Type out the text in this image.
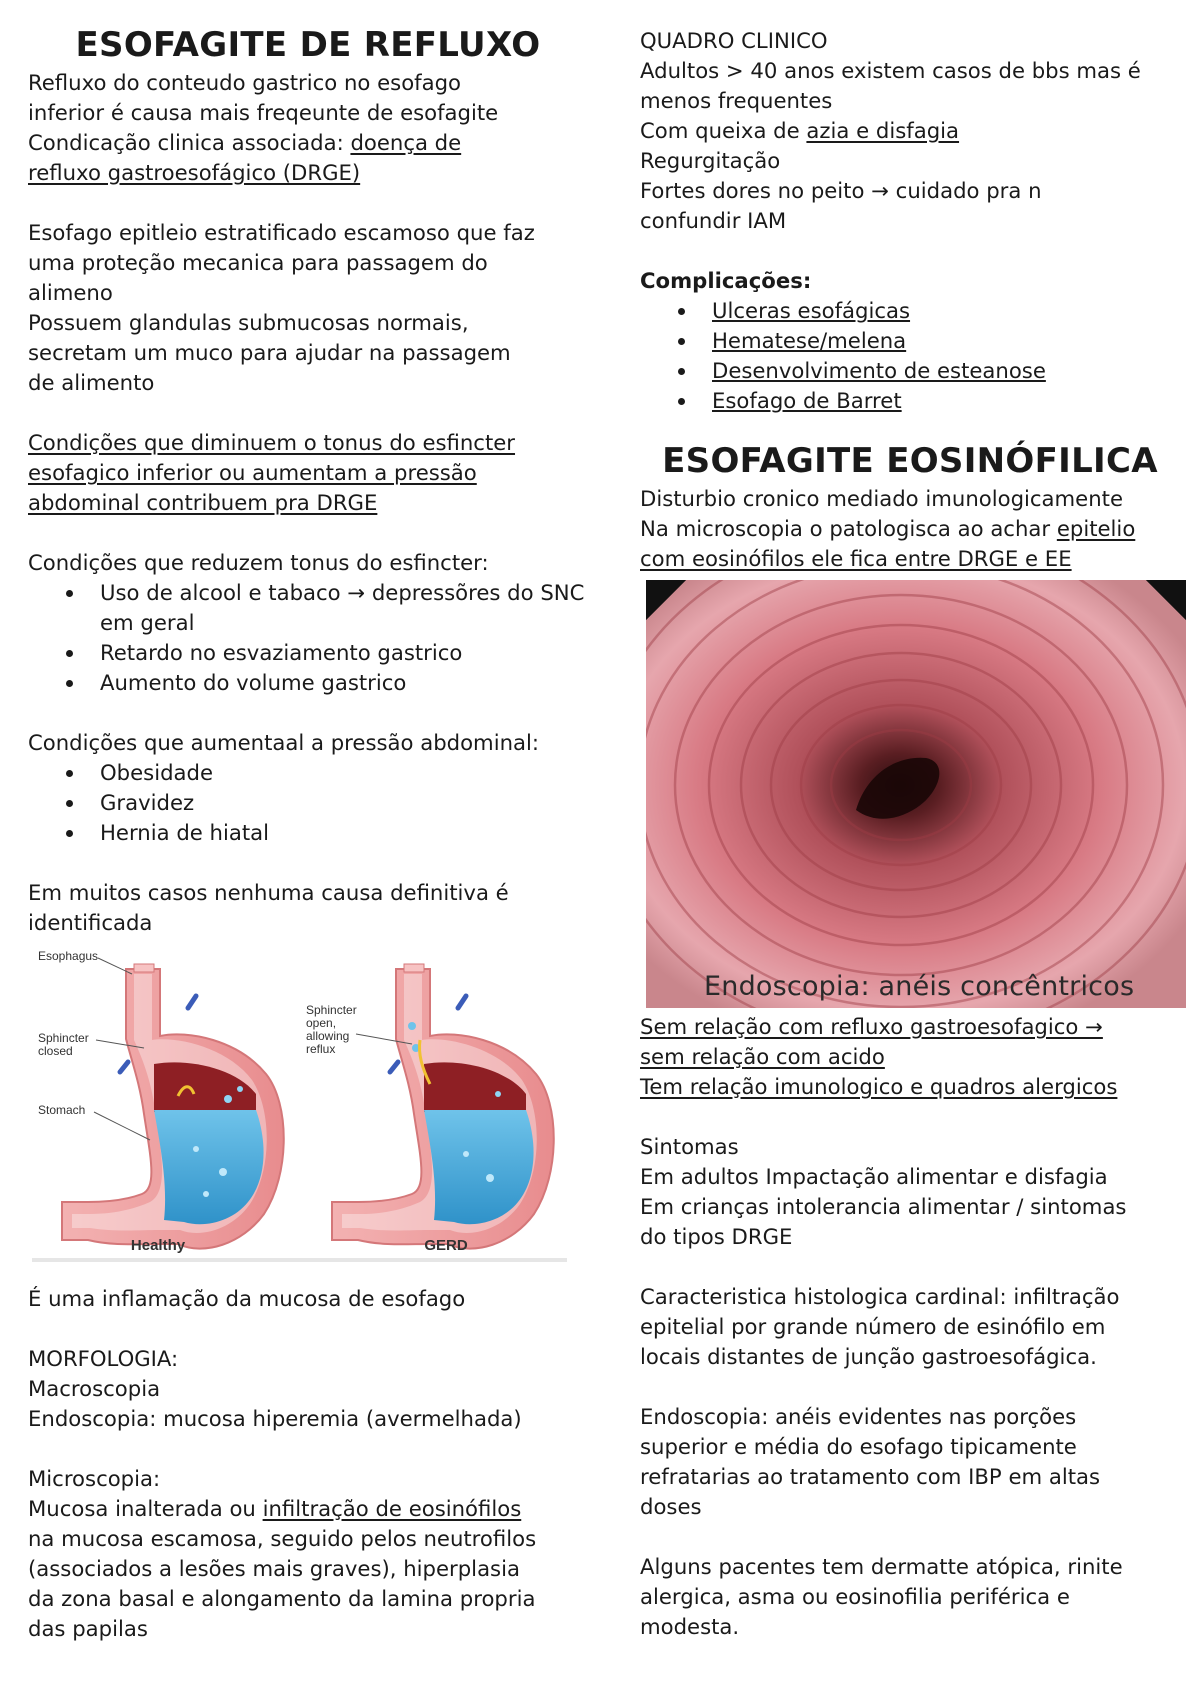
ESOFAGITE DE REFLUXO

Refluxo do conteudo gastrico no esofago

inferior é causa mais freqeunte de esofagite

Condicação clinica associada: doença de

refluxo gastroesofágico (DRGE)

Esofago epitleio estratificado escamoso que faz

uma proteção mecanica para passagem do

alimeno

Possuem glandulas submucosas normais,

secretam um muco para ajudar na passagem

de alimento

Condições que diminuem o tonus do esfincter

esofagico inferior ou aumentam a pressão

abdominal contribuem pra DRGE

Condições que reduzem tonus do esfincter:

Uso de alcool e tabaco → depressõres do SNC em geral
Retardo no esvaziamento gastrico
Aumento do volume gastrico

Condições que aumentaal a pressão abdominal:

Obesidade
Gravidez
Hernia de hiatal

Em muitos casos nenhuma causa definitiva é

identificada

Esophagus
Sphincter
closed
Stomach
Sphincter
open,
allowing
reflux
Healthy	GERD

É uma inflamação da mucosa de esofago

MORFOLOGIA:

Macroscopia

Endoscopia: mucosa hiperemia (avermelhada)

Microscopia:

Mucosa inalterada ou infiltração de eosinófilos

na mucosa escamosa, seguido pelos neutrofilos

(associados a lesões mais graves), hiperplasia

da zona basal e alongamento da lamina propria

das papilas

QUADRO CLINICO

Adultos > 40 anos existem casos de bbs mas é

menos frequentes

Com queixa de azia e disfagia

Regurgitação

Fortes dores no peito → cuidado pra n

confundir IAM

Complicações:

Ulceras esofágicas
Hematese/melena
Desenvolvimento de esteanose
Esofago de Barret
ESOFAGITE EOSINÓFILICA

Disturbio cronico mediado imunologicamente

Na microscopia o patologisca ao achar epitelio

com eosinófilos ele fica entre DRGE e EE

Endoscopia: anéis concêntricos

Sem relação com refluxo gastroesofagico →

sem relação com acido

Tem relação imunologico e quadros alergicos

Sintomas

Em adultos Impactação alimentar e disfagia

Em crianças intolerancia alimentar / sintomas

do tipos DRGE

Caracteristica histologica cardinal: infiltração

epitelial por grande número de esinófilo em

locais distantes de junção gastroesofágica.

Endoscopia: anéis evidentes nas porções

superior e média do esofago tipicamente

refratarias ao tratamento com IBP em altas

doses

Alguns pacentes tem dermatte atópica, rinite

alergica, asma ou eosinofilia periférica e

modesta.
